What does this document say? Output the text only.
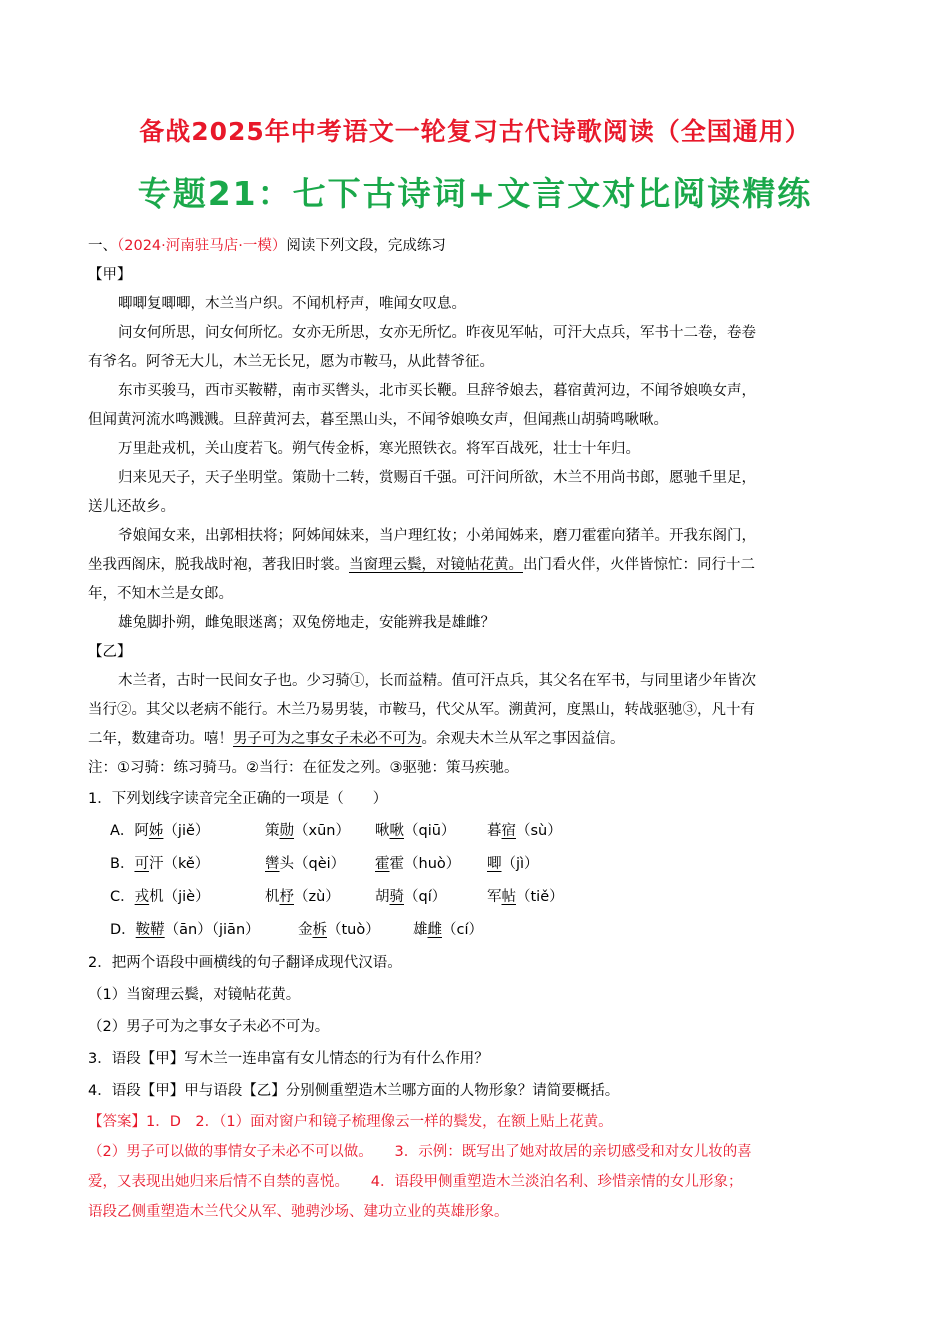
备战2025年中考语文一轮复习古代诗歌阅读（全国通用）
专题21：七下古诗词+文言文对比阅读精练
一、（2024·河南驻马店·一模）阅读下列文段，完成练习
【甲】
唧唧复唧唧，木兰当户织。不闻机杼声，唯闻女叹息。
问女何所思，问女何所忆。女亦无所思，女亦无所忆。昨夜见军帖，可汗大点兵，军书十二卷，卷卷
有爷名。阿爷无大儿，木兰无长兄，愿为市鞍马，从此替爷征。
东市买骏马，西市买鞍鞯，南市买辔头，北市买长鞭。旦辞爷娘去，暮宿黄河边，不闻爷娘唤女声，
但闻黄河流水鸣溅溅。旦辞黄河去，暮至黑山头，不闻爷娘唤女声，但闻燕山胡骑鸣啾啾。
万里赴戎机，关山度若飞。朔气传金柝，寒光照铁衣。将军百战死，壮士十年归。
归来见天子，天子坐明堂。策勋十二转，赏赐百千强。可汗问所欲，木兰不用尚书郎，愿驰千里足，
送儿还故乡。
爷娘闻女来，出郭相扶将；阿姊闻妹来，当户理红妆；小弟闻姊来，磨刀霍霍向猪羊。开我东阁门，
坐我西阁床，脱我战时袍，著我旧时裳。当窗理云鬓，对镜帖花黄。出门看火伴，火伴皆惊忙：同行十二
年，不知木兰是女郎。
雄兔脚扑朔，雌兔眼迷离；双兔傍地走，安能辨我是雄雌？
【乙】
木兰者，古时一民间女子也。少习骑①，长而益精。值可汗点兵，其父名在军书，与同里诸少年皆次
当行②。其父以老病不能行。木兰乃易男装，市鞍马，代父从军。溯黄河，度黑山，转战驱驰③，凡十有
二年，数建奇功。嘻！男子可为之事女子未必不可为。余观夫木兰从军之事因益信。
注：①习骑：练习骑马。②当行：在征发之列。③驱驰：策马疾驰。
1．下列划线字读音完全正确的一项是（　　）
A．阿姊（jiě）	策勋（xūn） 啾啾（qiū） 暮宿（sù）
B．可汗（kě）	辔头（qèi） 霍霍（huò） 唧（jì）
C．戎机（jiè）	机杼（zù） 胡骑（qí）	军帖（tiě）
D．鞍鞯（ān）（jiān）	金柝（tuò） 雄雌（cí）
2．把两个语段中画横线的句子翻译成现代汉语。
（1）当窗理云鬓，对镜帖花黄。
（2）男子可为之事女子未必不可为。
3．语段【甲】写木兰一连串富有女儿情态的行为有什么作用？
4．语段【甲】甲与语段【乙】分别侧重塑造木兰哪方面的人物形象？请简要概括。
【答案】1．D　2．（1）面对窗户和镜子梳理像云一样的鬓发，在额上贴上花黄。
（2）男子可以做的事情女子未必不可以做。　　3．示例：既写出了她对故居的亲切感受和对女儿妆的喜
爱，又表现出她归来后情不自禁的喜悦。　　4．语段甲侧重塑造木兰淡泊名利、珍惜亲情的女儿形象；
语段乙侧重塑造木兰代父从军、驰骋沙场、建功立业的英雄形象。
